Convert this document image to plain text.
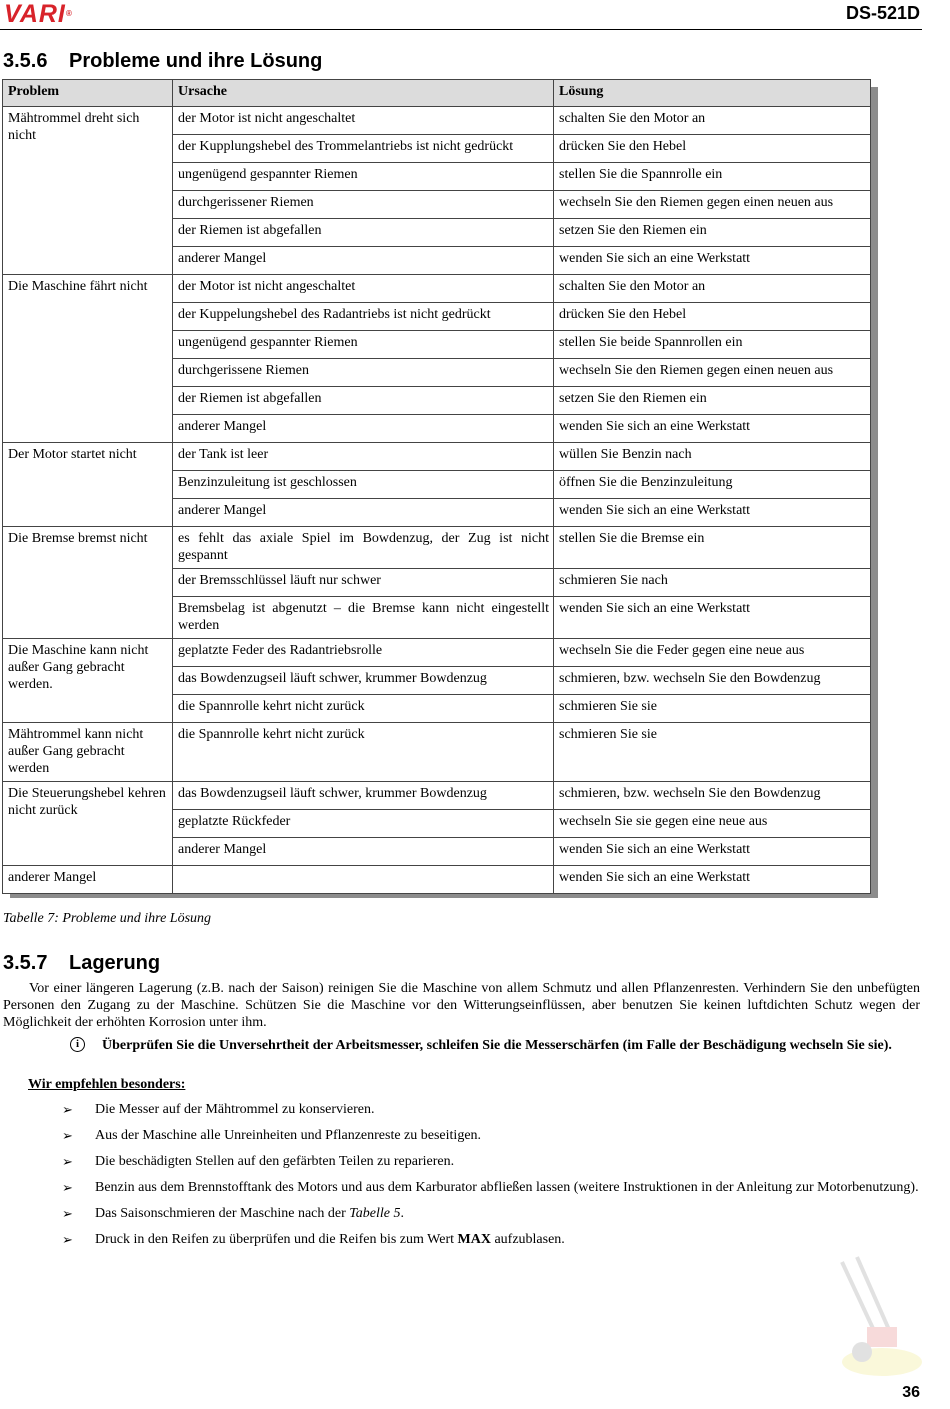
VARI®	DS-521D
3.5.6 Probleme und ihre Lösung
Problem	Ursache	Lösung
Mähtrommel dreht sich nicht	der Motor ist nicht angeschaltet	schalten Sie den Motor an
	der Kupplungshebel des Trommelantriebs ist nicht gedrückt	drücken Sie den Hebel
	ungenügend gespannter Riemen	stellen Sie die Spannrolle ein
	durchgerissener Riemen	wechseln Sie den Riemen gegen einen neuen aus
	der Riemen ist abgefallen	setzen Sie den Riemen ein
	anderer Mangel	wenden Sie sich an eine Werkstatt
Die Maschine fährt nicht	der Motor ist nicht angeschaltet	schalten Sie den Motor an
	der Kuppelungshebel des Radantriebs ist nicht gedrückt	drücken Sie den Hebel
	ungenügend gespannter Riemen	stellen Sie beide Spannrollen ein
	durchgerissene Riemen	wechseln Sie den Riemen gegen einen neuen aus
	der Riemen ist abgefallen	setzen Sie den Riemen ein
	anderer Mangel	wenden Sie sich an eine Werkstatt
Der Motor startet nicht	der Tank ist leer	wüllen Sie Benzin nach
	Benzinzuleitung ist geschlossen	öffnen Sie die Benzinzuleitung
	anderer Mangel	wenden Sie sich an eine Werkstatt
Die Bremse bremst nicht	es fehlt das axiale Spiel im Bowdenzug, der Zug ist nicht gespannt	stellen Sie die Bremse ein
	der Bremsschlüssel läuft nur schwer	schmieren Sie nach
	Bremsbelag ist abgenutzt – die Bremse kann nicht eingestellt werden	wenden Sie sich an eine Werkstatt
Die Maschine kann nicht außer Gang gebracht werden.	geplatzte Feder des Radantriebsrolle	wechseln Sie die Feder gegen eine neue aus
	das Bowdenzugseil läuft schwer, krummer Bowdenzug	schmieren, bzw. wechseln Sie den Bowdenzug
	die Spannrolle kehrt nicht zurück	schmieren Sie sie
Mähtrommel kann nicht außer Gang gebracht werden	die Spannrolle kehrt nicht zurück	schmieren Sie sie
Die Steuerungshebel kehren nicht zurück	das Bowdenzugseil läuft schwer, krummer Bowdenzug	schmieren, bzw. wechseln Sie den Bowdenzug
	geplatzte Rückfeder	wechseln Sie sie gegen eine neue aus
	anderer Mangel	wenden Sie sich an eine Werkstatt
anderer Mangel		wenden Sie sich an eine Werkstatt
Tabelle 7: Probleme und ihre Lösung
3.5.7 Lagerung
Vor einer längeren Lagerung (z.B. nach der Saison) reinigen Sie die Maschine von allem Schmutz und allen Pflanzenresten. Verhindern Sie den unbefügten Personen den Zugang zu der Maschine. Schützen Sie die Maschine vor den Witterungseinflüssen, aber benutzen Sie keinen luftdichten Schutz wegen der Möglichkeit der erhöhten Korrosion unter ihm.
i	Überprüfen Sie die Unversehrtheit der Arbeitsmesser, schleifen Sie die Messerschärfen (im Falle der Beschädigung wechseln Sie sie).
Wir empfehlen besonders:
➢ Die Messer auf der Mähtrommel zu konservieren.
➢ Aus der Maschine alle Unreinheiten und Pflanzenreste zu beseitigen.
➢ Die beschädigten Stellen auf den gefärbten Teilen zu reparieren.
➢ Benzin aus dem Brennstofftank des Motors und aus dem Karburator abfließen lassen (weitere Instruktionen in der Anleitung zur Motorbenutzung).
➢ Das Saisonschmieren der Maschine nach der Tabelle 5.
➢ Druck in den Reifen zu überprüfen und die Reifen bis zum Wert MAX aufzublasen.
36
